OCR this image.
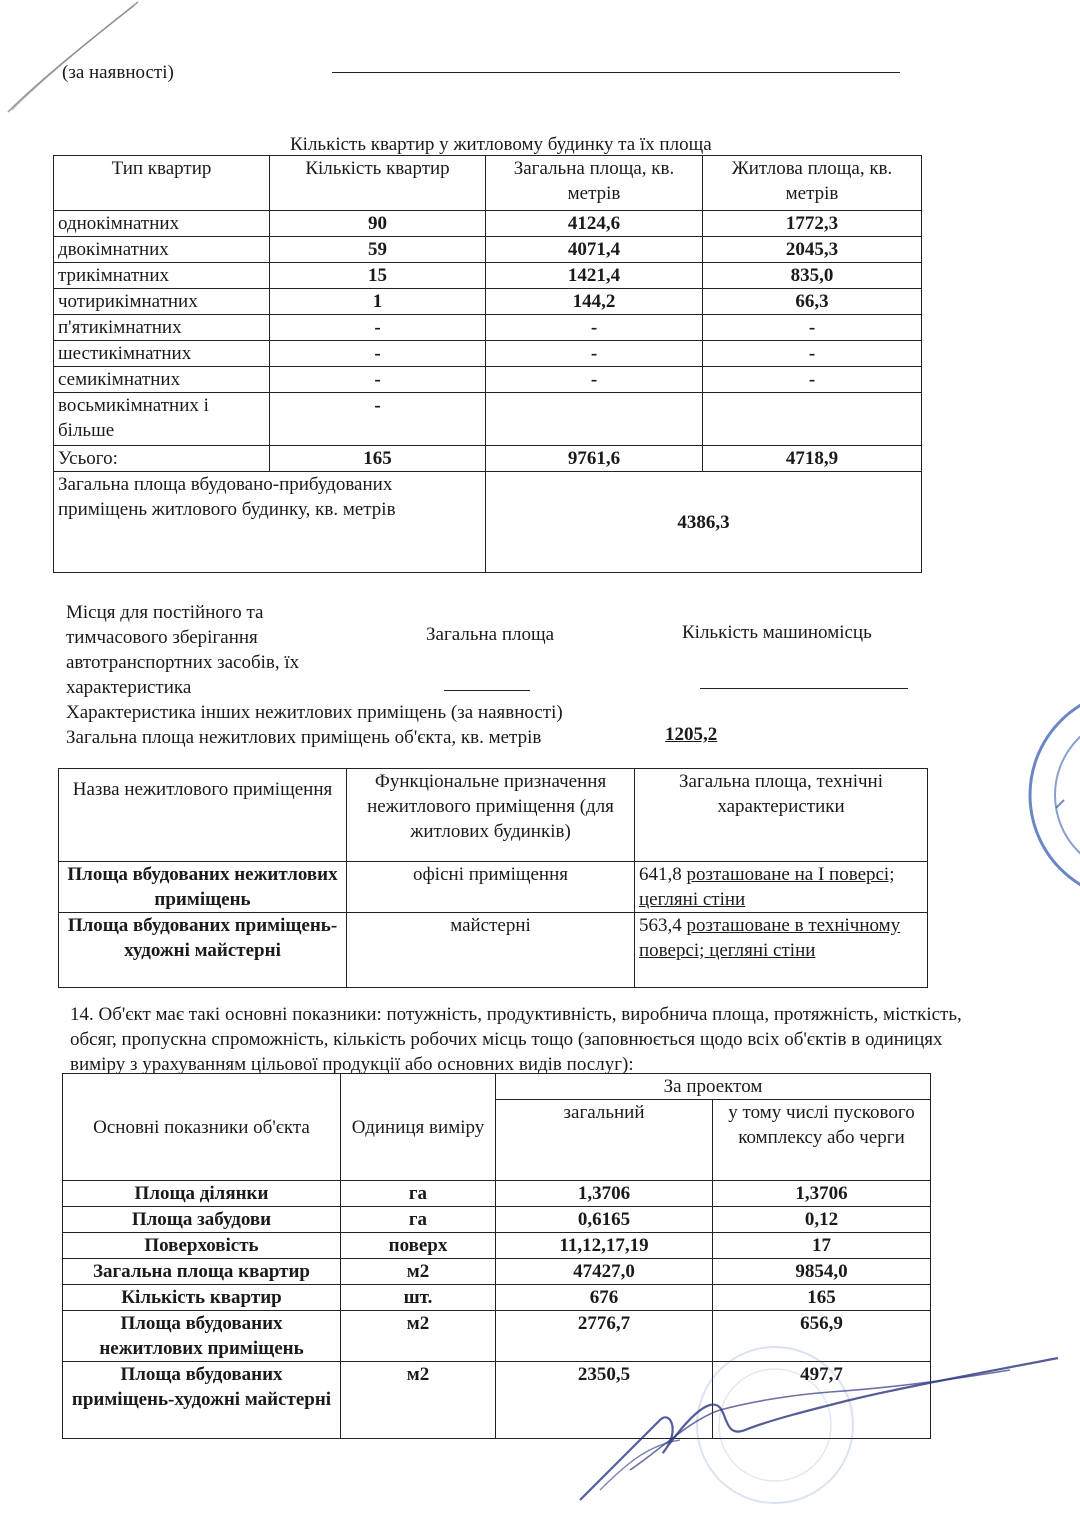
(за наявності)
Кількість квартир у житловому будинку та їх площа
Тип квартир	Кількість квартир	Загальна площа, кв. метрів	Житлова площа, кв. метрів
однокімнатних	90	4124,6	1772,3
двокімнатних	59	4071,4	2045,3
трикімнатних	15	1421,4	835,0
чотирикімнатних	1	144,2	66,3
п'ятикімнатних	-	-	-
шестикімнатних	-	-	-
семикімнатних	-	-	-
восьмикімнатних і більше	-		
Усього:	165	9761,6	4718,9
Загальна площа вбудовано-прибудованих приміщень житлового будинку, кв. метрів		4386,3	
Місця для постійного та тимчасового зберігання автотранспортних засобів, їх характеристика
Загальна площа	Кількість машиномісць
Характеристика інших нежитлових приміщень (за наявності)
Загальна площа нежитлових приміщень об'єкта, кв. метрів	1205,2
Назва нежитлового приміщення	Функціональне призначення нежитлового приміщення (для житлових будинків)	Загальна площа, технічні характеристики
Площа вбудованих нежитлових приміщень	офісні приміщення	641,8 розташоване на І поверсі; цегляні стіни
Площа вбудованих приміщень-художні майстерні	майстерні	563,4 розташоване в технічному поверсі; цегляні стіни
14. Об'єкт має такі основні показники: потужність, продуктивність, виробнича площа, протяжність, місткість, обсяг, пропускна спроможність, кількість робочих місць тощо (заповнюється щодо всіх об'єктів в одиницях виміру з урахуванням цільової продукції або основних видів послуг):
Основні показники об'єкта	Одиниця виміру	За проектом	
		загальний	у тому числі пускового комплексу або черги
Площа ділянки	га	1,3706	1,3706
Площа забудови	га	0,6165	0,12
Поверховість	поверх	11,12,17,19	17
Загальна площа квартир	м2	47427,0	9854,0
Кількість квартир	шт.	676	165
Площа вбудованих нежитлових приміщень	м2	2776,7	656,9
Площа вбудованих приміщень-художні майстерні	м2	2350,5	497,7
